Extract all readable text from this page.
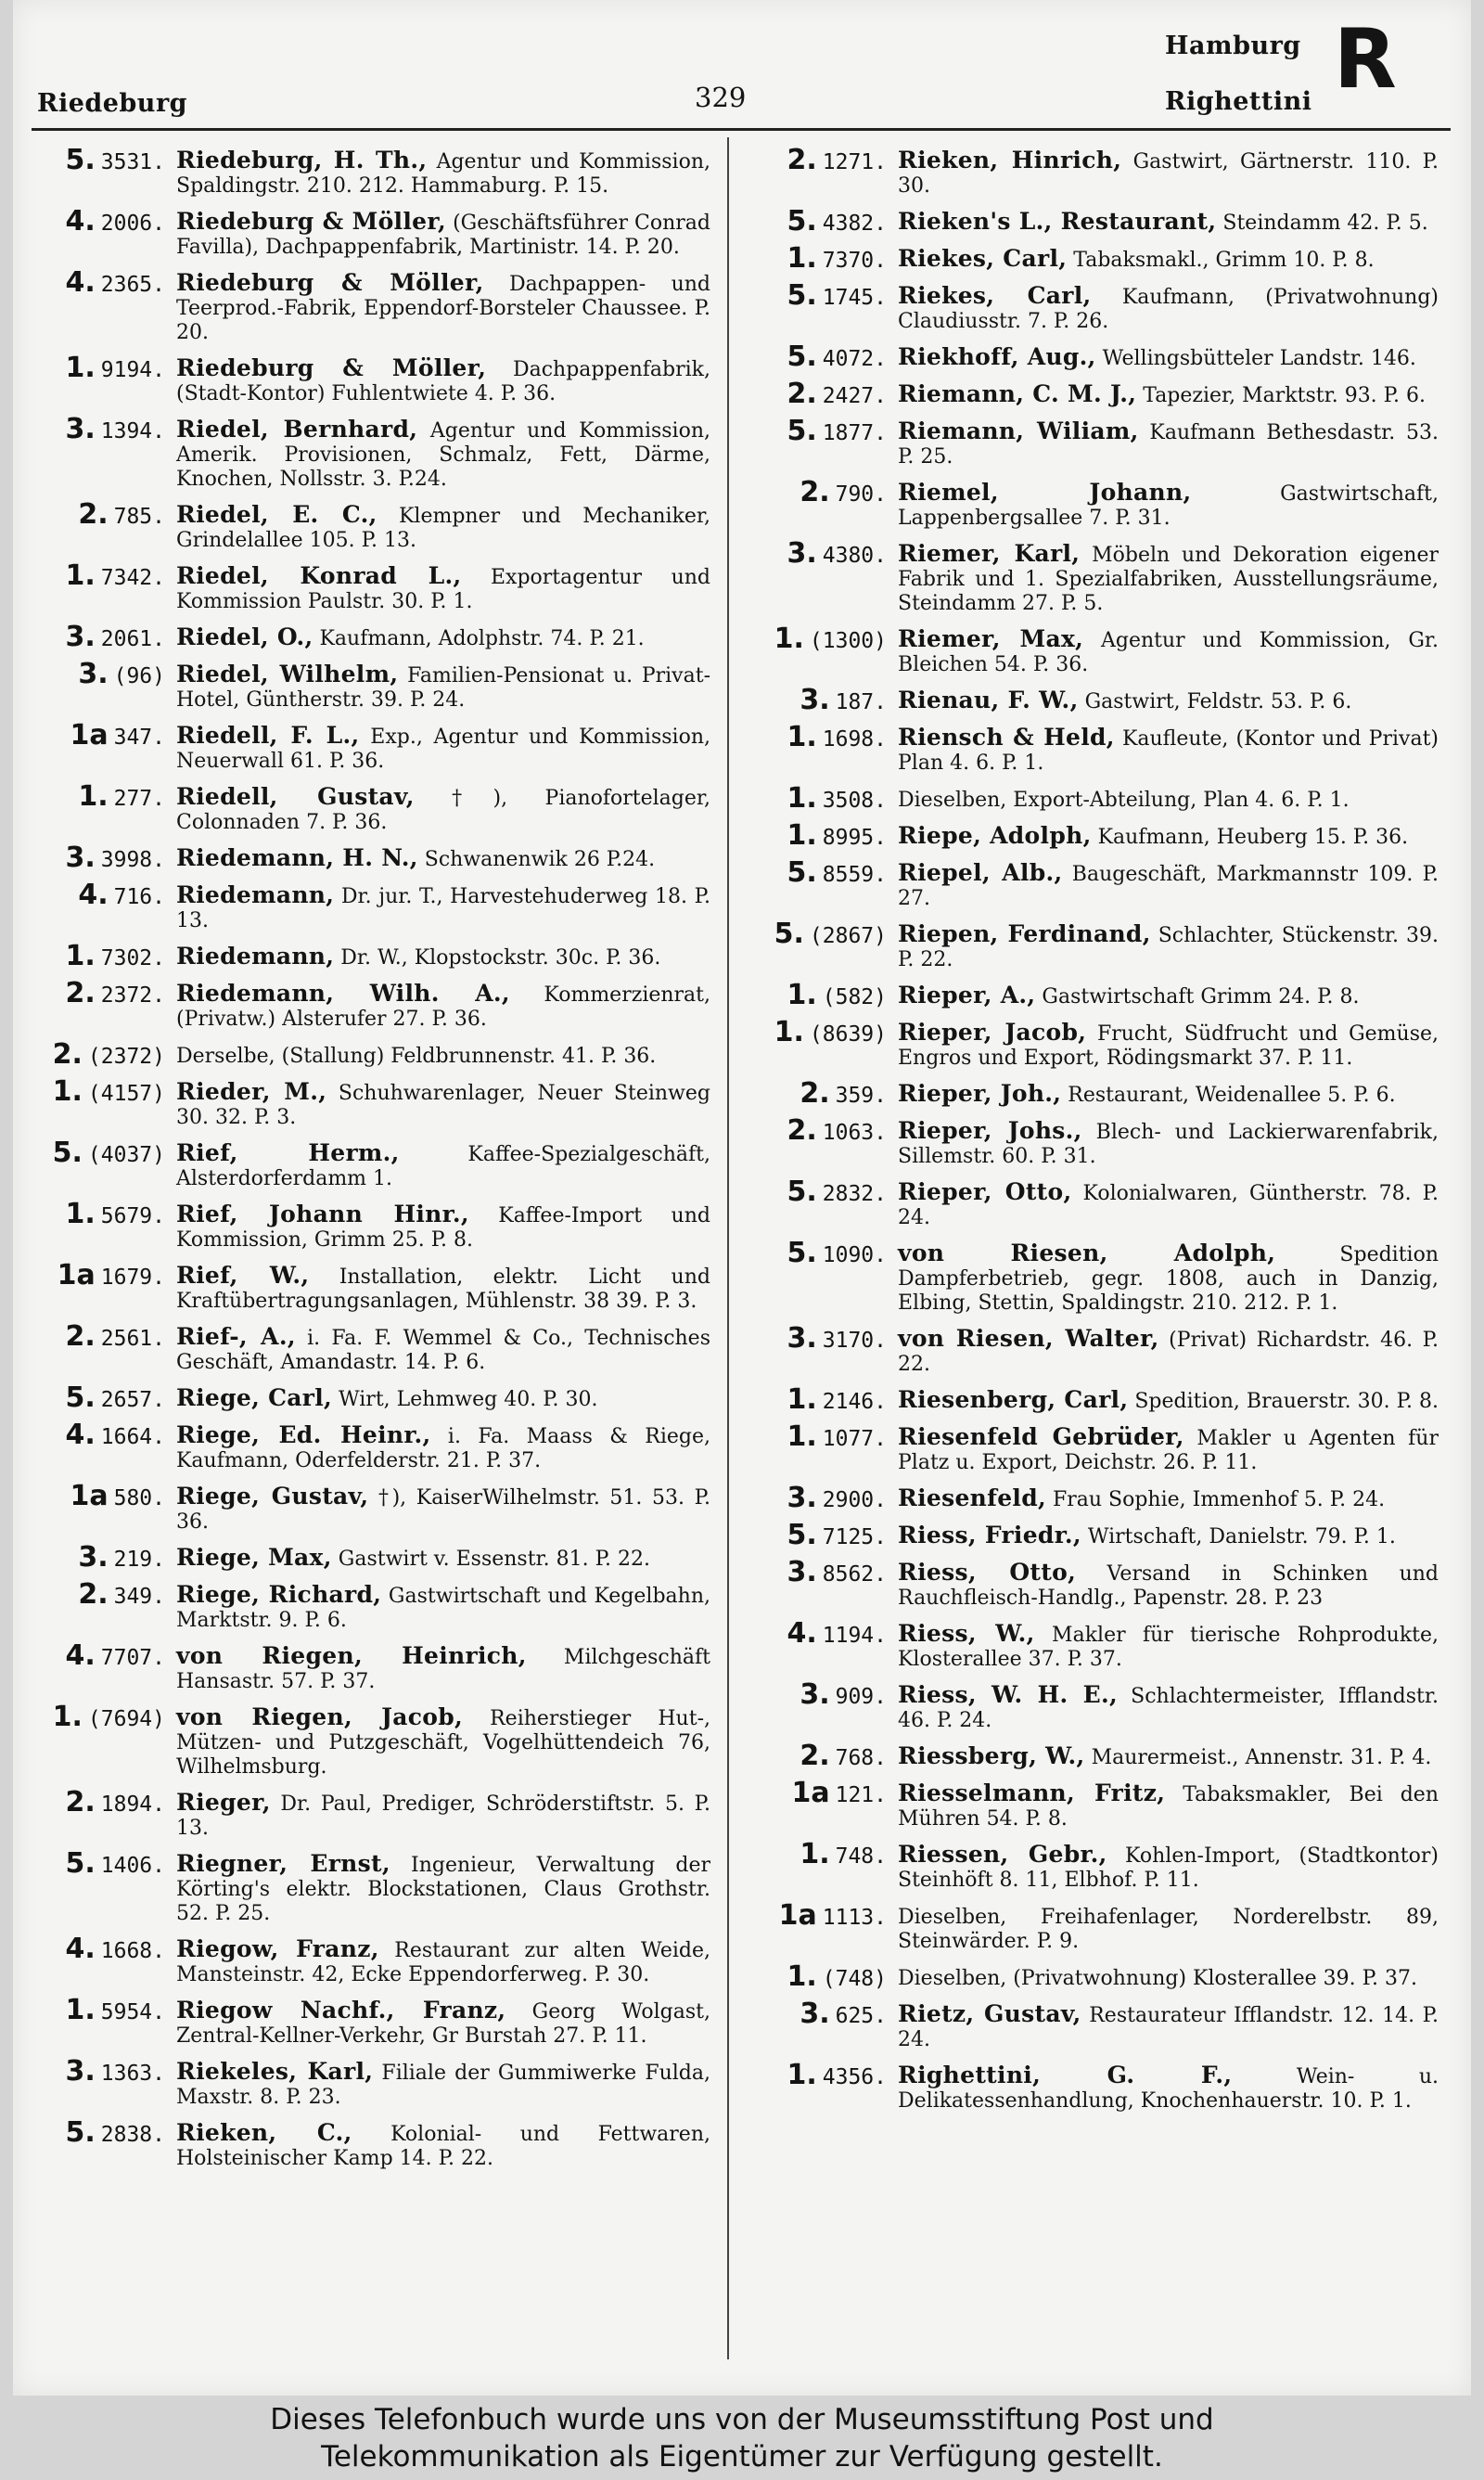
Riedeburg	329
Hamburg
Righettini R
5. 3531. Riedeburg, H. Th., Agentur und Kommission, Spaldingstr. 210. 212. Hammaburg. P. 15.
4. 2006. Riedeburg & Möller, (Geschäftsführer Conrad Favilla), Dachpappenfabrik, Martinistr. 14. P. 20.
4. 2365. Riedeburg & Möller, Dachpappen- und Teerprod.-Fabrik, Eppendorf-Borsteler Chaussee. P. 20.
1. 9194. Riedeburg & Möller, Dachpappenfabrik, (Stadt-Kontor) Fuhlentwiete 4. P. 36.
3. 1394. Riedel, Bernhard, Agentur und Kommission, Amerik. Provisionen, Schmalz, Fett, Därme, Knochen, Nollsstr. 3. P.24.
2. 785. Riedel, E. C., Klempner und Mechaniker, Grindelallee 105. P. 13.
1. 7342. Riedel, Konrad L., Exportagentur und Kommission Paulstr. 30. P. 1.
3. 2061. Riedel, O., Kaufmann, Adolphstr. 74. P. 21.
3. (96) Riedel, Wilhelm, Familien-Pensionat u. Privat-Hotel, Güntherstr. 39. P. 24.
1a 347. Riedell, F. L., Exp., Agentur und Kommission, Neuerwall 61. P. 36.
1. 277. Riedell, Gustav, †), Pianofortelager, Colonnaden 7. P. 36.
3. 3998. Riedemann, H. N., Schwanenwik 26 P.24.
4. 716. Riedemann, Dr. jur. T., Harvestehuderweg 18. P. 13.
1. 7302. Riedemann, Dr. W., Klopstockstr. 30c. P. 36.
2. 2372. Riedemann, Wilh. A., Kommerzienrat, (Privatw.) Alsterufer 27. P. 36.
2. (2372) Derselbe, (Stallung) Feldbrunnenstr. 41. P. 36.
1. (4157) Rieder, M., Schuhwarenlager, Neuer Steinweg 30. 32. P. 3.
5. (4037) Rief, Herm., Kaffee-Spezialgeschäft, Alsterdorferdamm 1.
1. 5679. Rief, Johann Hinr., Kaffee-Import und Kommission, Grimm 25. P. 8.
1a 1679. Rief, W., Installation, elektr. Licht und Kraftübertragungsanlagen, Mühlenstr. 38 39. P. 3.
2. 2561. Rief-, A., i. Fa. F. Wemmel & Co., Technisches Geschäft, Amandastr. 14. P. 6.
5. 2657. Riege, Carl, Wirt, Lehmweg 40. P. 30.
4. 1664. Riege, Ed. Heinr., i. Fa. Maass & Riege, Kaufmann, Oderfelderstr. 21. P. 37.
1a 580. Riege, Gustav, †), KaiserWilhelmstr. 51. 53. P. 36.
3. 219. Riege, Max, Gastwirt v. Essenstr. 81. P. 22.
2. 349. Riege, Richard, Gastwirtschaft und Kegelbahn, Marktstr. 9. P. 6.
4. 7707. von Riegen, Heinrich, Milchgeschäft Hansastr. 57. P. 37.
1. (7694) von Riegen, Jacob, Reiherstieger Hut-, Mützen- und Putzgeschäft, Vogelhüttendeich 76, Wilhelmsburg.
2. 1894. Rieger, Dr. Paul, Prediger, Schröderstiftstr. 5. P. 13.
5. 1406. Riegner, Ernst, Ingenieur, Verwaltung der Körting's elektr. Blockstationen, Claus Grothstr. 52. P. 25.
4. 1668. Riegow, Franz, Restaurant zur alten Weide, Mansteinstr. 42, Ecke Eppendorferweg. P. 30.
1. 5954. Riegow Nachf., Franz, Georg Wolgast, Zentral-Kellner-Verkehr, Gr Burstah 27. P. 11.
3. 1363. Riekeles, Karl, Filiale der Gummiwerke Fulda, Maxstr. 8. P. 23.
5. 2838. Rieken, C., Kolonial- und Fettwaren, Holsteinischer Kamp 14. P. 22.
2. 1271. Rieken, Hinrich, Gastwirt, Gärtnerstr. 110. P. 30.
5. 4382. Rieken's L., Restaurant, Steindamm 42. P. 5.
1. 7370. Riekes, Carl, Tabaksmakl., Grimm 10. P. 8.
5. 1745. Riekes, Carl, Kaufmann, (Privatwohnung) Claudiusstr. 7. P. 26.
5. 4072. Riekhoff, Aug., Wellingsbütteler Landstr. 146.
2. 2427. Riemann, C. M. J., Tapezier, Marktstr. 93. P. 6.
5. 1877. Riemann, Wiliam, Kaufmann Bethesdastr. 53. P. 25.
2. 790. Riemel, Johann, Gastwirtschaft, Lappenbergsallee 7. P. 31.
3. 4380. Riemer, Karl, Möbeln und Dekoration eigener Fabrik und 1. Spezialfabriken, Ausstellungsräume, Steindamm 27. P. 5.
1. (1300) Riemer, Max, Agentur und Kommission, Gr. Bleichen 54. P. 36.
3. 187. Rienau, F. W., Gastwirt, Feldstr. 53. P. 6.
1. 1698. Riensch & Held, Kaufleute, (Kontor und Privat) Plan 4. 6. P. 1.
1. 3508. Dieselben, Export-Abteilung, Plan 4. 6. P. 1.
1. 8995. Riepe, Adolph, Kaufmann, Heuberg 15. P. 36.
5. 8559. Riepel, Alb., Baugeschäft, Markmannstr 109. P. 27.
5. (2867) Riepen, Ferdinand, Schlachter, Stückenstr. 39. P. 22.
1. (582) Rieper, A., Gastwirtschaft Grimm 24. P. 8.
1. (8639) Rieper, Jacob, Frucht, Südfrucht und Gemüse, Engros und Export, Rödingsmarkt 37. P. 11.
2. 359. Rieper, Joh., Restaurant, Weidenallee 5. P. 6.
2. 1063. Rieper, Johs., Blech- und Lackierwarenfabrik, Sillemstr. 60. P. 31.
5. 2832. Rieper, Otto, Kolonialwaren, Güntherstr. 78. P. 24.
5. 1090. von Riesen, Adolph, Spedition Dampferbetrieb, gegr. 1808, auch in Danzig, Elbing, Stettin, Spaldingstr. 210. 212. P. 1.
3. 3170. von Riesen, Walter, (Privat) Richardstr. 46. P. 22.
1. 2146. Riesenberg, Carl, Spedition, Brauerstr. 30. P. 8.
1. 1077. Riesenfeld Gebrüder, Makler u Agenten für Platz u. Export, Deichstr. 26. P. 11.
3. 2900. Riesenfeld, Frau Sophie, Immenhof 5. P. 24.
5. 7125. Riess, Friedr., Wirtschaft, Danielstr. 79. P. 1.
3. 8562. Riess, Otto, Versand in Schinken und Rauchfleisch-Handlg., Papenstr. 28. P. 23
4. 1194. Riess, W., Makler für tierische Rohprodukte, Klosterallee 37. P. 37.
3. 909. Riess, W. H. E., Schlachtermeister, Ifflandstr. 46. P. 24.
2. 768. Riessberg, W., Maurermeist., Annenstr. 31. P. 4.
1a 121. Riesselmann, Fritz, Tabaksmakler, Bei den Mühren 54. P. 8.
1. 748. Riessen, Gebr., Kohlen-Import, (Stadtkontor) Steinhöft 8. 11, Elbhof. P. 11.
1a 1113. Dieselben, Freihafenlager, Norderelbstr. 89, Steinwärder. P. 9.
1. (748) Dieselben, (Privatwohnung) Klosterallee 39. P. 37.
3. 625. Rietz, Gustav, Restaurateur Ifflandstr. 12. 14. P. 24.
1. 4356. Righettini, G. F., Wein- u. Delikatessenhandlung, Knochenhauerstr. 10. P. 1.
Dieses Telefonbuch wurde uns von der Museumsstiftung Post und
Telekommunikation als Eigentümer zur Verfügung gestellt.
